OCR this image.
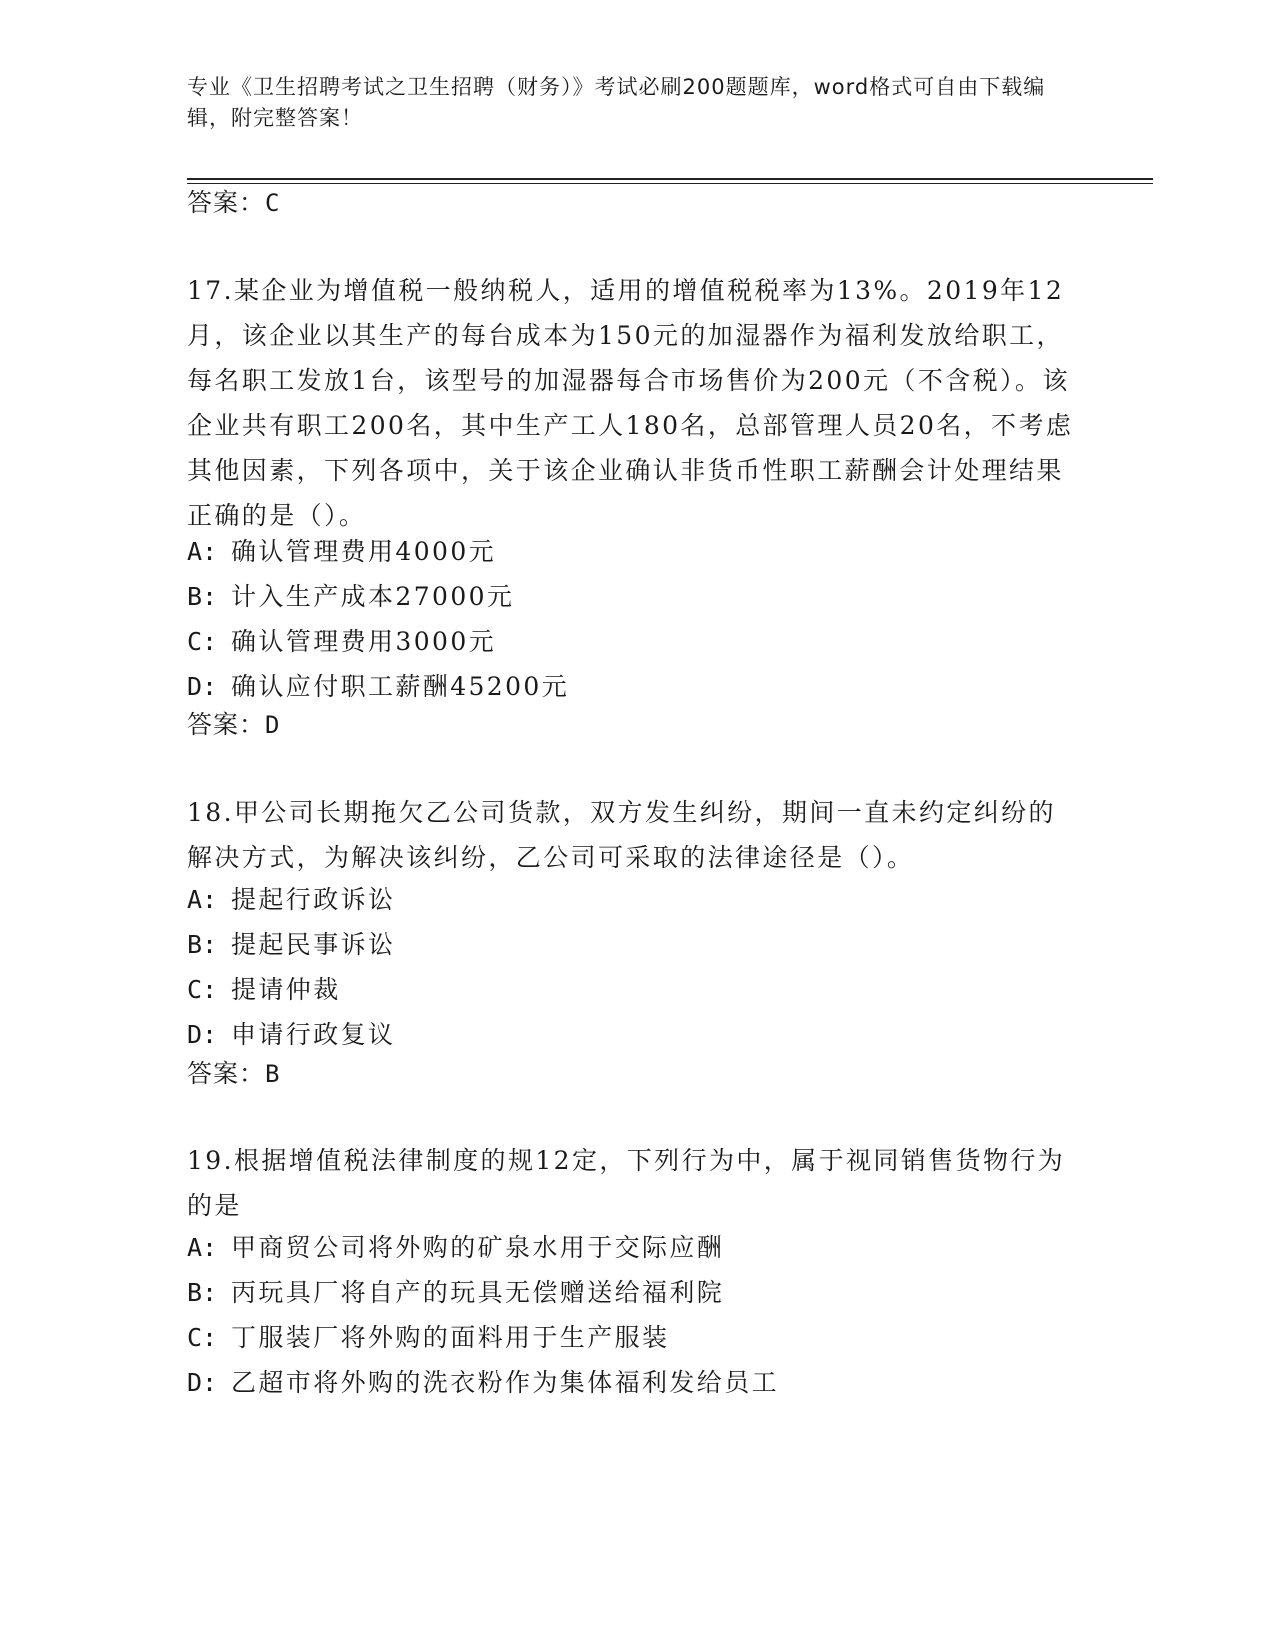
专业《卫生招聘考试之卫生招聘（财务）》考试必刷200题题库，word格式可自由下载编辑，附完整答案！
答案：C
17.某企业为增值税一般纳税人，适用的增值税税率为13%。2019年12月，该企业以其生产的每台成本为150元的加湿器作为福利发放给职工，每名职工发放1台，该型号的加湿器每合市场售价为200元（不含税）。该企业共有职工200名，其中生产工人180名，总部管理人员20名，不考虑其他因素，下列各项中，关于该企业确认非货币性职工薪酬会计处理结果正确的是（）。
A: 确认管理费用4000元
B: 计入生产成本27000元
C: 确认管理费用3000元
D: 确认应付职工薪酬45200元
答案：D
18.甲公司长期拖欠乙公司货款，双方发生纠纷，期间一直未约定纠纷的解决方式，为解决该纠纷，乙公司可采取的法律途径是（）。
A: 提起行政诉讼
B: 提起民事诉讼
C: 提请仲裁
D: 申请行政复议
答案：B
19.根据增值税法律制度的规12定，下列行为中，属于视同销售货物行为的是
A: 甲商贸公司将外购的矿泉水用于交际应酬
B: 丙玩具厂将自产的玩具无偿赠送给福利院
C: 丁服装厂将外购的面料用于生产服装
D: 乙超市将外购的洗衣粉作为集体福利发给员工
